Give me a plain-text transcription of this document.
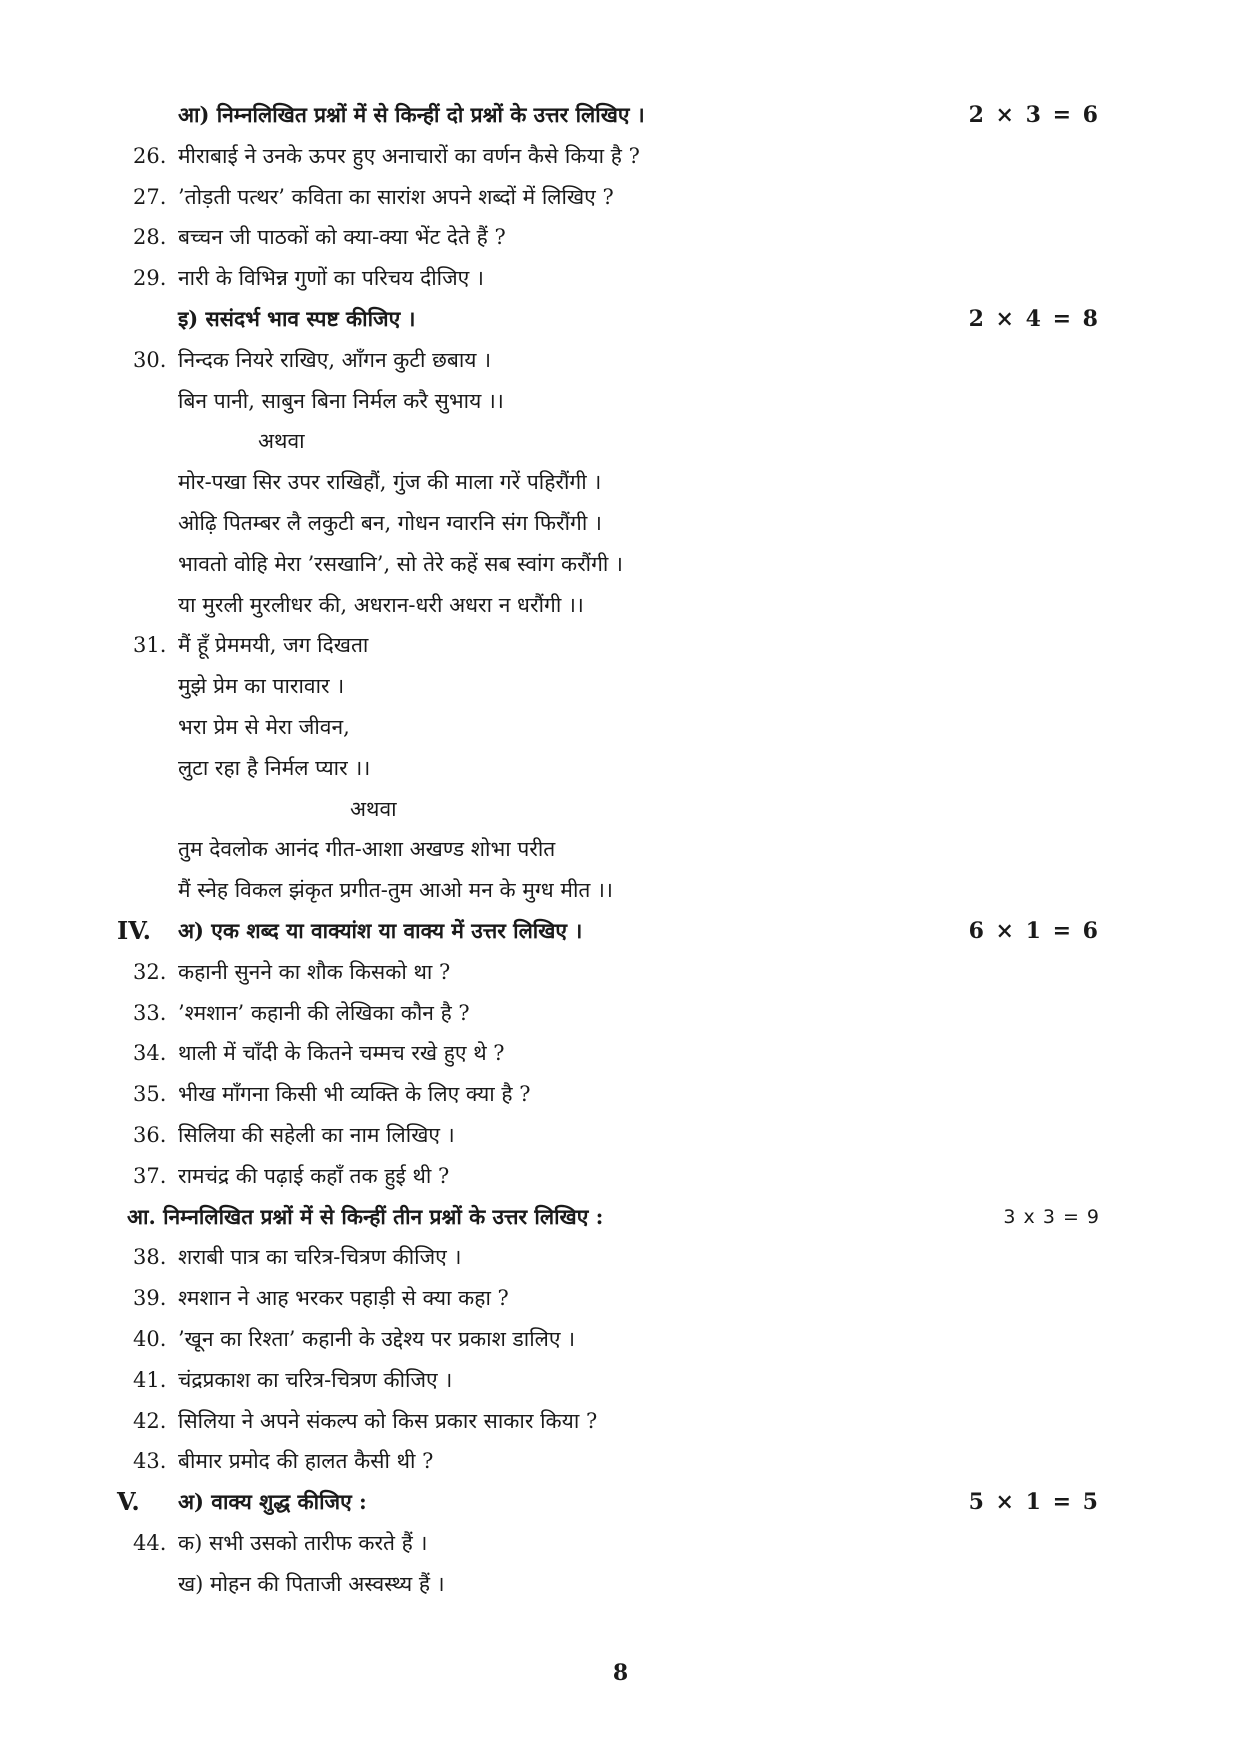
आ) निम्नलिखित प्रश्नों में से किन्हीं दो प्रश्नों के उत्तर लिखिए ।	2 × 3 = 6
26. मीराबाई ने उनके ऊपर हुए अनाचारों का वर्णन कैसे किया है ?
27. ’तोड़ती पत्थर’ कविता का सारांश अपने शब्दों में लिखिए ?
28. बच्चन जी पाठकों को क्या-क्या भेंट देते हैं ?
29. नारी के विभिन्न गुणों का परिचय दीजिए ।
इ) ससंदर्भ भाव स्पष्ट कीजिए ।	2 × 4 = 8
30. निन्दक नियरे राखिए, आँगन कुटी छबाय ।
बिन पानी, साबुन बिना निर्मल करै सुभाय ।।
अथवा
मोर-पखा सिर उपर राखिहौं, गुंज की माला गरें पहिरौंगी ।
ओढ़ि पितम्बर लै लकुटी बन, गोधन ग्वारनि संग फिरौंगी ।
भावतो वोहि मेरा ’रसखानि’, सो तेरे कहें सब स्वांग करौंगी ।
या मुरली मुरलीधर की, अधरान-धरी अधरा न धरौंगी ।।
31. मैं हूँ प्रेममयी, जग दिखता
मुझे प्रेम का पारावार ।
भरा प्रेम से मेरा जीवन,
लुटा रहा है निर्मल प्यार ।।
अथवा
तुम देवलोक आनंद गीत-आशा अखण्ड शोभा परीत
मैं स्नेह विकल झंकृत प्रगीत-तुम आओ मन के मुग्ध मीत ।।
IV. अ) एक शब्द या वाक्यांश या वाक्य में उत्तर लिखिए ।	6 × 1 = 6
32. कहानी सुनने का शौक किसको था ?
33. ’श्मशान’ कहानी की लेखिका कौन है ?
34. थाली में चाँदी के कितने चम्मच रखे हुए थे ?
35. भीख माँगना किसी भी व्यक्ति के लिए क्या है ?
36. सिलिया की सहेली का नाम लिखिए ।
37. रामचंद्र की पढ़ाई कहाँ तक हुई थी ?
आ. निम्नलिखित प्रश्नों में से किन्हीं तीन प्रश्नों के उत्तर लिखिए :	3 x 3 = 9
38. शराबी पात्र का चरित्र-चित्रण कीजिए ।
39. श्मशान ने आह भरकर पहाड़ी से क्या कहा ?
40. ’खून का रिश्ता’ कहानी के उद्देश्य पर प्रकाश डालिए ।
41. चंद्रप्रकाश का चरित्र-चित्रण कीजिए ।
42. सिलिया ने अपने संकल्प को किस प्रकार साकार किया ?
43. बीमार प्रमोद की हालत कैसी थी ?
V. अ) वाक्य शुद्ध कीजिए :	5 × 1 = 5
44. क) सभी उसको तारीफ करते हैं ।
ख) मोहन की पिताजी अस्वस्थ्य हैं ।
8
